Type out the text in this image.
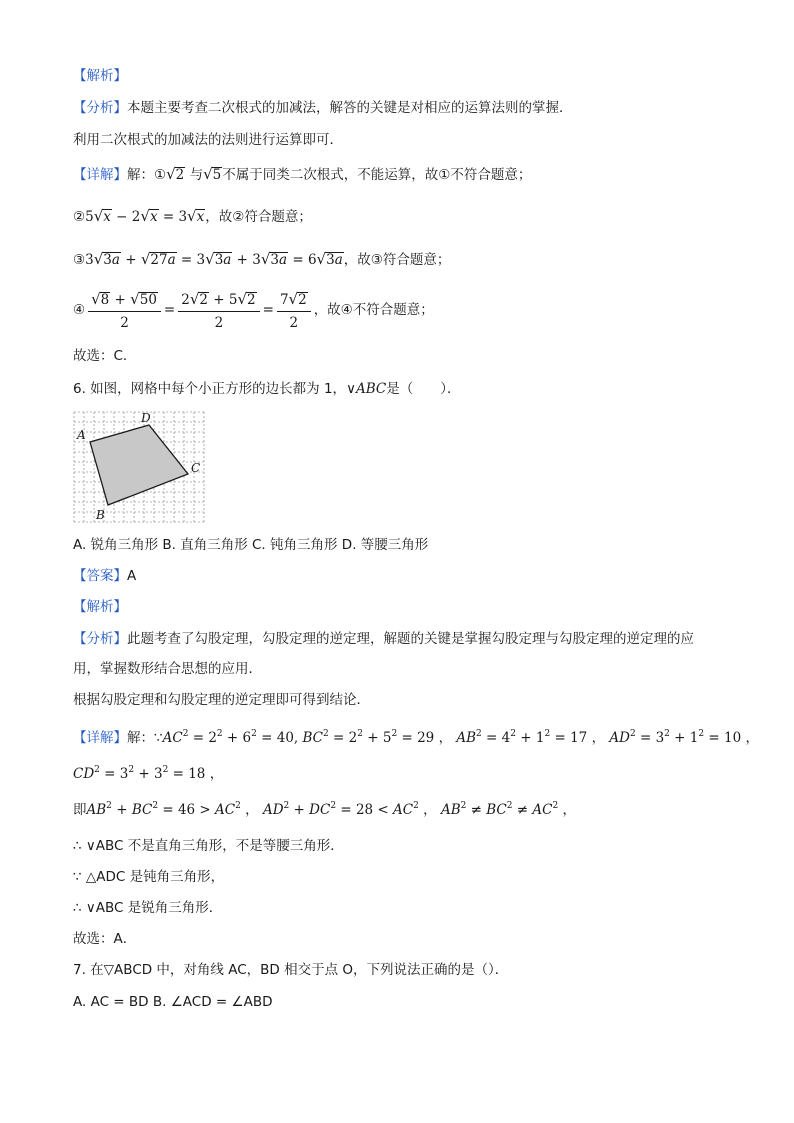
【解析】
【分析】本题主要考查二次根式的加减法，解答的关键是对相应的运算法则的掌握．
利用二次根式的加减法的法则进行运算即可．
【详解】解：①√2 与√5不属于同类二次根式，不能运算，故①不符合题意；
②5√x − 2√x = 3√x，故②符合题意；
③3√3a + √27a = 3√3a + 3√3a = 6√3a，故③符合题意；
④ $\frac{√8 + √50}{2} = \frac{2√2 + 5√2}{2} = \frac{7√2}{2}$ ，故④不符合题意；
故选：C．
6. 如图，网格中每个小正方形的边长都为 1，∨ABC是（　　）．
A
D
C
B
A. 锐角三角形 B. 直角三角形 C. 钝角三角形 D. 等腰三角形
【答案】A
【解析】
【分析】此题考查了勾股定理，勾股定理的逆定理，解题的关键是掌握勾股定理与勾股定理的逆定理的应
用，掌握数形结合思想的应用．
根据勾股定理和勾股定理的逆定理即可得到结论．
【详解】解：$\because AC^2 = 2^2 + 6^2 = 40$, $BC^2 = 2^2 + 5^2 = 29$ ， $AB^2 = 4^2 + 1^2 = 17$ ， $AD^2 = 3^2 + 1^2 = 10$ ，
$CD^2 = 3^2 + 3^2 = 18$ ，
即$AB^2 + BC^2 = 46 > AC^2$ ， $AD^2 + DC^2 = 28 < AC^2$ ， $AB^2 \ne BC^2 \ne AC^2$ ，
∴ ∨ABC 不是直角三角形，不是等腰三角形．
∵ △ADC 是钝角三角形，
∴ ∨ABC 是锐角三角形．
故选：A．
7. 在▽ABCD 中，对角线 AC，BD 相交于点 O，下列说法正确的是（）．
A. AC = BD B. ∠ACD = ∠ABD
